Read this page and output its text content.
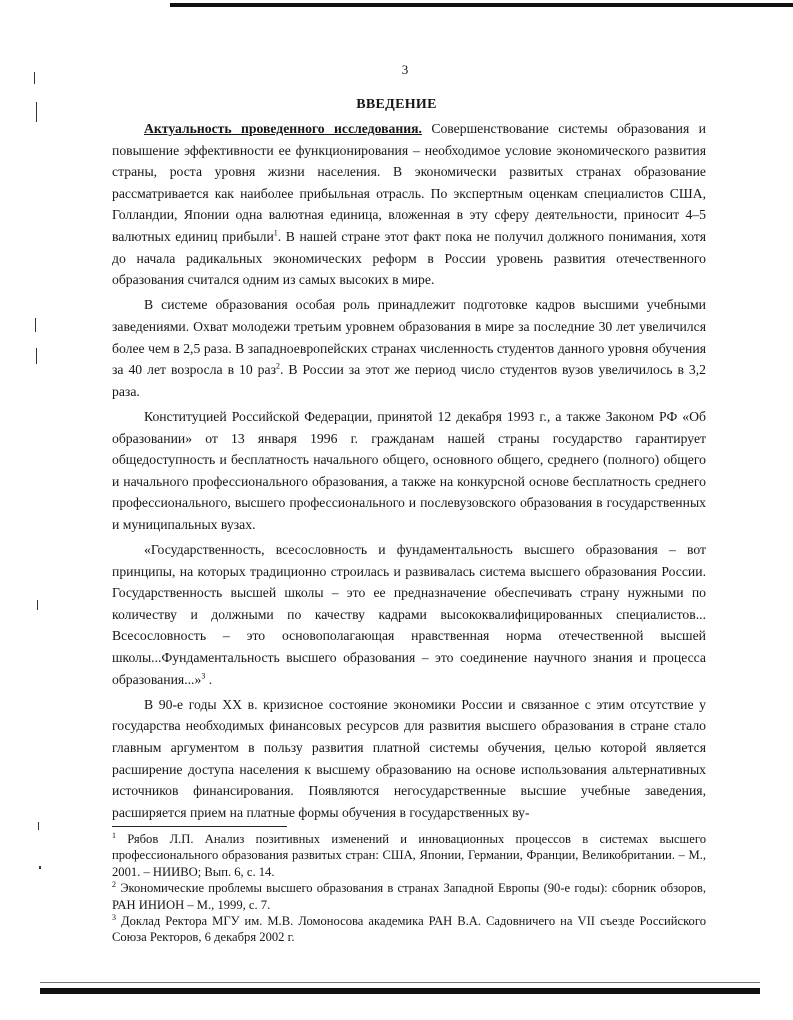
3
ВВЕДЕНИЕ

Актуальность проведенного исследования. Совершенствование системы образования и повышение эффективности ее функционирования – необходимое условие экономического развития страны, роста уровня жизни населения. В экономически развитых странах образование рассматривается как наиболее прибыльная отрасль. По экспертным оценкам специалистов США, Голландии, Японии одна валютная единица, вложенная в эту сферу деятельности, приносит 4–5 валютных единиц прибыли$^1$. В нашей стране этот факт пока не получил должного понимания, хотя до начала радикальных экономических реформ в России уровень развития отечественного образования считался одним из самых высоких в мире.

В системе образования особая роль принадлежит подготовке кадров высшими учебными заведениями. Охват молодежи третьим уровнем образования в мире за последние 30 лет увеличился более чем в 2,5 раза. В западноевропейских странах численность студентов данного уровня обучения за 40 лет возросла в 10 раз$^2$. В России за этот же период число студентов вузов увеличилось в 3,2 раза.

Конституцией Российской Федерации, принятой 12 декабря 1993 г., а также Законом РФ «Об образовании» от 13 января 1996 г. гражданам нашей страны государство гарантирует общедоступность и бесплатность начального общего, основного общего, среднего (полного) общего и начального профессионального образования, а также на конкурсной основе бесплатность среднего профессионального, высшего профессионального и послевузовского образования в государственных и муниципальных вузах.

«Государственность, всесословность и фундаментальность высшего образования – вот принципы, на которых традиционно строилась и развивалась система высшего образования России. Государственность высшей школы – это ее предназначение обеспечивать страну нужными по количеству и должными по качеству кадрами высококвалифицированных специалистов... Всесословность – это основополагающая нравственная норма отечественной высшей школы...Фундаментальность высшего образования – это соединение научного знания и процесса образования...»$^3$ .

В 90-е годы XX в. кризисное состояние экономики России и связанное с этим отсутствие у государства необходимых финансовых ресурсов для развития высшего образования в стране стало главным аргументом в пользу развития платной системы обучения, целью которой является расширение доступа населения к высшему образованию на основе использования альтернативных источников финансирования. Появляются негосударственные высшие учебные заведения, расширяется прием на платные формы обучения в государственных ву-

$^1$ Рябов Л.П. Анализ позитивных изменений и инновационных процессов в системах высшего профессионального образования развитых стран: США, Японии, Германии, Франции, Великобритании. – М., 2001. – НИИВО; Вып. 6, с. 14.

$^2$ Экономические проблемы высшего образования в странах Западной Европы (90-е годы): сборник обзоров, РАН ИНИОН – М., 1999, с. 7.

$^3$ Доклад Ректора МГУ им. М.В. Ломоносова академика РАН В.А. Садовничего на VII съезде Российского Союза Ректоров, 6 декабря 2002 г.
